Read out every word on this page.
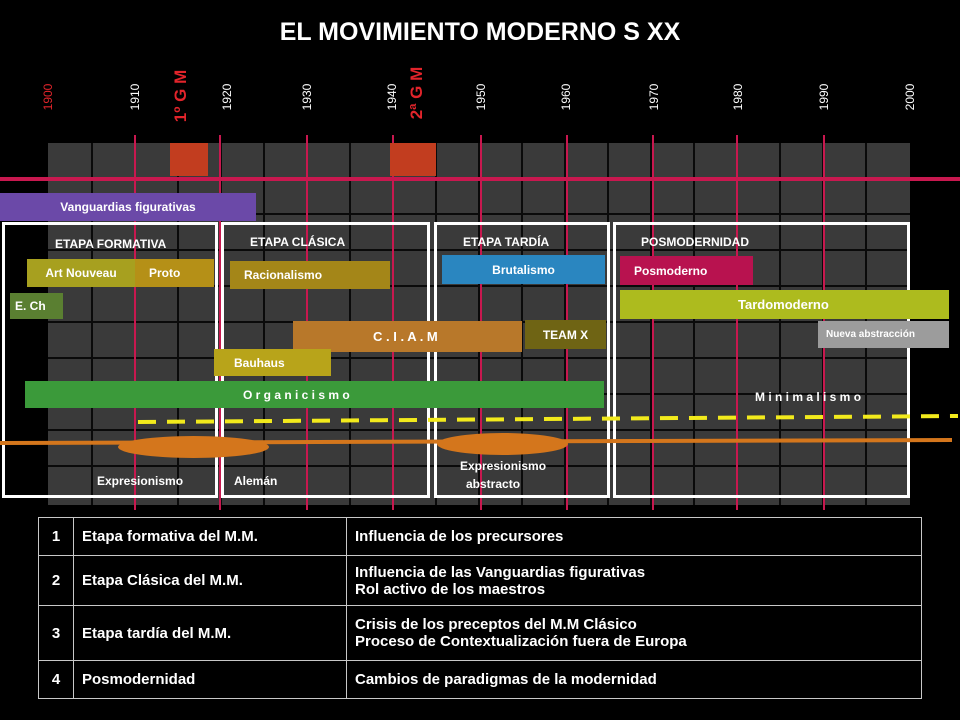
EL MOVIMIENTO MODERNO S XX
1900	1910	1920	1930	1940	1950	1960	1970	1980	1990	2000
1º G M	2ª G M
Vanguardias figurativas
ETAPA FORMATIVA	ETAPA CLÁSICA	ETAPA TARDÍA	POSMODERNIDAD
Art Nouveau	Proto
E. Ch
Racionalismo
C . I . A . M
Bauhaus
O r g a n i c i s m o
Brutalismo
TEAM X
Posmoderno
Tardomoderno
Nueva abstracción
M i n i m a l i s m o
Expresionismo	Alemán
Expresionismo
abstracto
1	Etapa formativa del M.M.	Influencia de los precursores

2	Etapa Clásica del M.M.	Influencia de las Vanguardias figurativas
Rol activo de los maestros

3	Etapa tardía del M.M.	Crisis de los preceptos del M.M Clásico
Proceso de Contextualización fuera de Europa

4	Posmodernidad	Cambios de paradigmas de la modernidad
